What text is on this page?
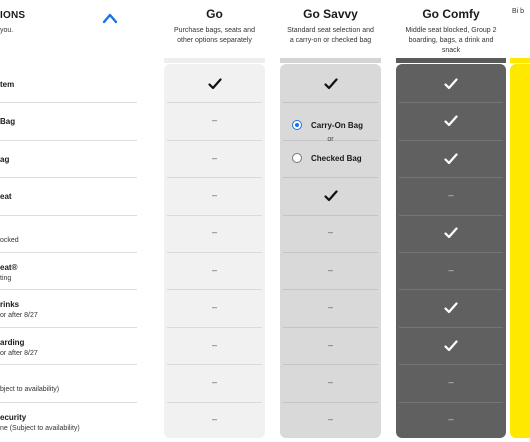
IONS
you.
Go
Purchase bags, seats and other options separately
Go Savvy
Standard seat selection and a carry-on or checked bag
Go Comfy
Middle seat blocked, Group 2 boarding, bags, a drink and snack
Bi b
tem
Bag
ag
eat
ocked
eat®
ting
rinks
or after 8/27
arding
or after 8/27
bject to availability)
ecurity
ne (Subject to availability)
–
–
–
–
–
–
–
–
–
–
–
–
–
–
–
–
–
–
–
Carry-On Bag
or
Checked Bag
